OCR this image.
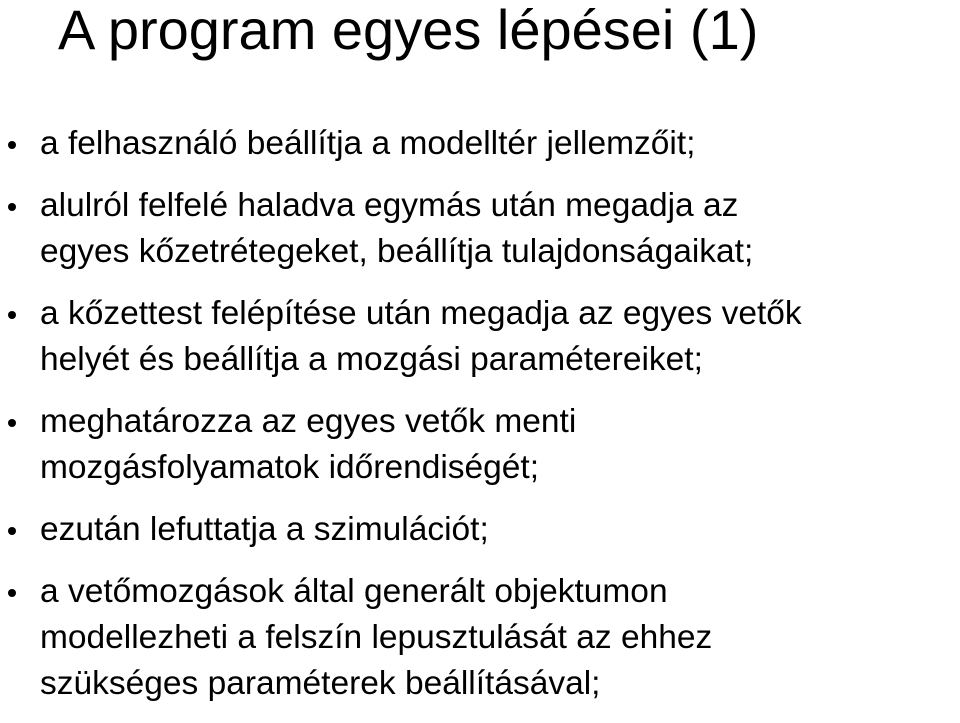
A program egyes lépései (1)
a felhasználó beállítja a modelltér jellemzőit;
alulról felfelé haladva egymás után megadja az
egyes kőzetrétegeket, beállítja tulajdonságaikat;
a kőzettest felépítése után megadja az egyes vetők
helyét és beállítja a mozgási paramétereiket;
meghatározza az egyes vetők menti
mozgásfolyamatok időrendiségét;
ezután lefuttatja a szimulációt;
a vetőmozgások által generált objektumon
modellezheti a felszín lepusztulását az ehhez
szükséges paraméterek beállításával;
